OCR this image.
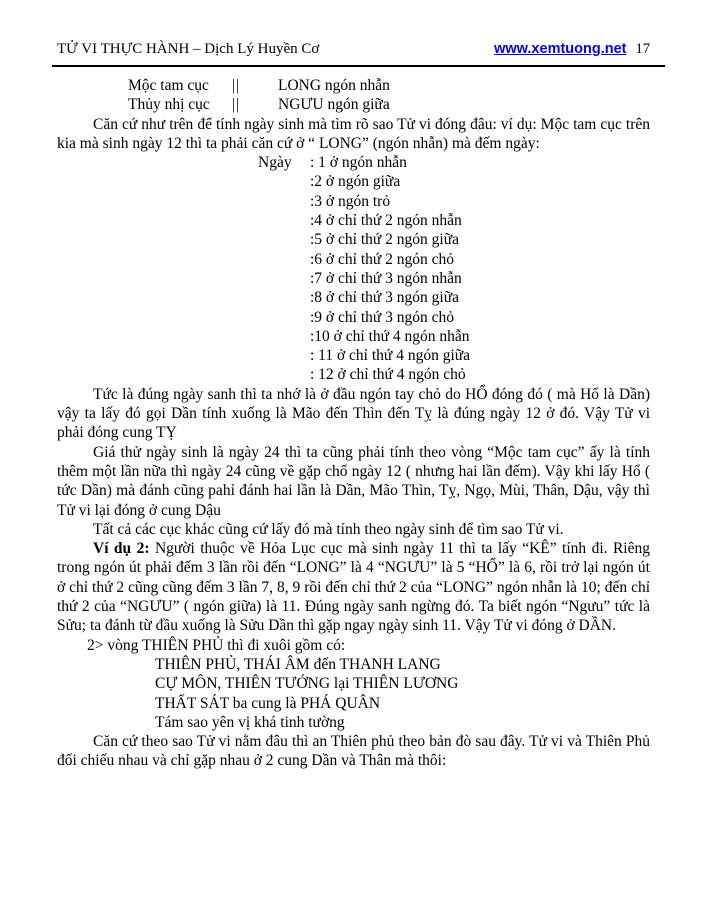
TỬ VI THỰC HÀNH – Dịch Lý Huyền Cơ	www.xemtuong.net 17
Mộc tam cục	||	LONG ngón nhẫn
Thủy nhị cục	||	NGƯU ngón giữa

Căn cứ như trên để tính ngày sinh mà tìm rõ sao Tử vi đóng đâu: ví dụ: Mộc tam cục trên kia mà sinh ngày 12 thì ta phải căn cứ ở “ LONG” (ngón nhẫn) mà đếm ngày:

Ngày : 1 ở ngón nhẫn
:2 ở ngón giữa
:3 ở ngón trỏ
:4 ở chỉ thứ 2 ngón nhẫn
:5 ở chỉ thứ 2 ngón giữa
:6 ở chỉ thứ 2 ngón chỏ
:7 ở chỉ thứ 3 ngón nhẫn
:8 ở chỉ thứ 3 ngón giữa
:9 ở chỉ thứ 3 ngón chỏ
:10 ở chỉ thứ 4 ngón nhẫn
: 11 ở chỉ thứ 4 ngón giữa
: 12 ở chỉ thứ 4 ngón chỏ

Tức là đúng ngày sanh thì ta nhớ là ở đầu ngón tay chỏ do HỔ đóng đó ( mà Hổ là Dần) vậy ta lấy đó gọi Dần tính xuống là Mão đến Thìn đến Tỵ là đúng ngày 12 ở đó. Vậy Tử vi phải đóng cung TỴ

Giá thử ngày sinh là ngày 24 thì ta cũng phải tính theo vòng “Mộc tam cục” ấy là tính thêm một lần nữa thì ngày 24 cũng về gặp chổ ngày 12 ( nhưng hai lần đếm). Vậy khi lấy Hổ ( tức Dần) mà đánh cũng pahỉ đánh hai lần là Dần, Mão Thìn, Tỵ, Ngọ, Mùi, Thân, Dậu, vậy thì Tử vi lại đóng ở cung Dậu

Tất cả các cục khác cũng cứ lấy đó mà tính theo ngày sinh để tìm sao Tử vi.

Ví dụ 2: Người thuộc về Hỏa Lục cục mà sinh ngày 11 thì ta lấy “KÊ” tính đi. Riêng trong ngón út phải đếm 3 lần rồi đến “LONG” là 4 “NGƯU” là 5 “HỔ” là 6, rồi trở lại ngón út ở chỉ thứ 2 cũng cũng đếm 3 lần 7, 8, 9 rồi đến chỉ thứ 2 của “LONG” ngón nhẫn là 10; đến chỉ thứ 2 của “NGƯU” ( ngón giữa) là 11. Đúng ngày sanh ngừng đó. Ta biết ngón “Ngưu” tức là Sửu; ta đánh từ đầu xuống là Sửu Dần thì gặp ngay ngày sinh 11. Vậy Tử vi đóng ở DẦN.

2> vòng THIÊN PHỦ thì đi xuôi gồm có:
THIÊN PHỦ, THÁI ÂM đến THANH LANG
CỰ MÔN, THIÊN TƯỚNG lại THIÊN LƯƠNG
THẤT SÁT ba cung là PHÁ QUÂN
Tám sao yên vị khá tinh tường

Căn cứ theo sao Tử vi nằm đâu thì an Thiên phủ theo bản đò sau đây. Tử vi và Thiên Phủ đối chiếu nhau và chỉ gặp nhau ở 2 cung Dần và Thân mà thôi:
